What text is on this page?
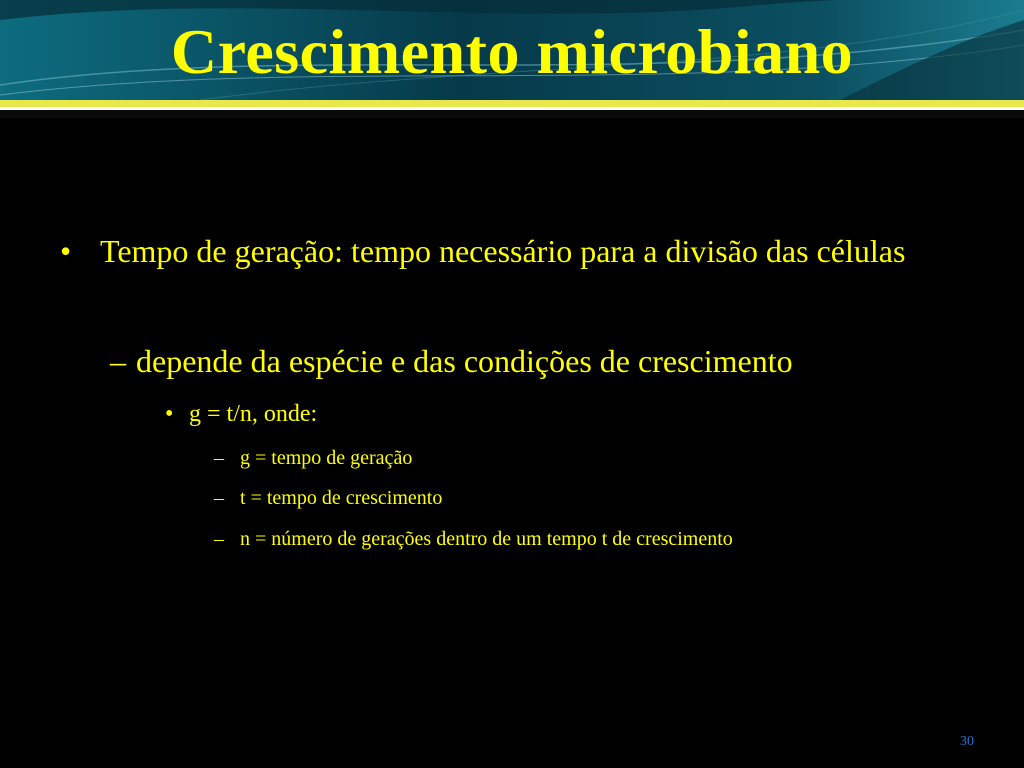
Crescimento microbiano
• Tempo de geração: tempo necessário para a divisão das células
– depende da espécie e das condições de crescimento
• g = t/n, onde:
– g = tempo de geração
– t = tempo de crescimento
– n = número de gerações dentro de um tempo t de crescimento
30
